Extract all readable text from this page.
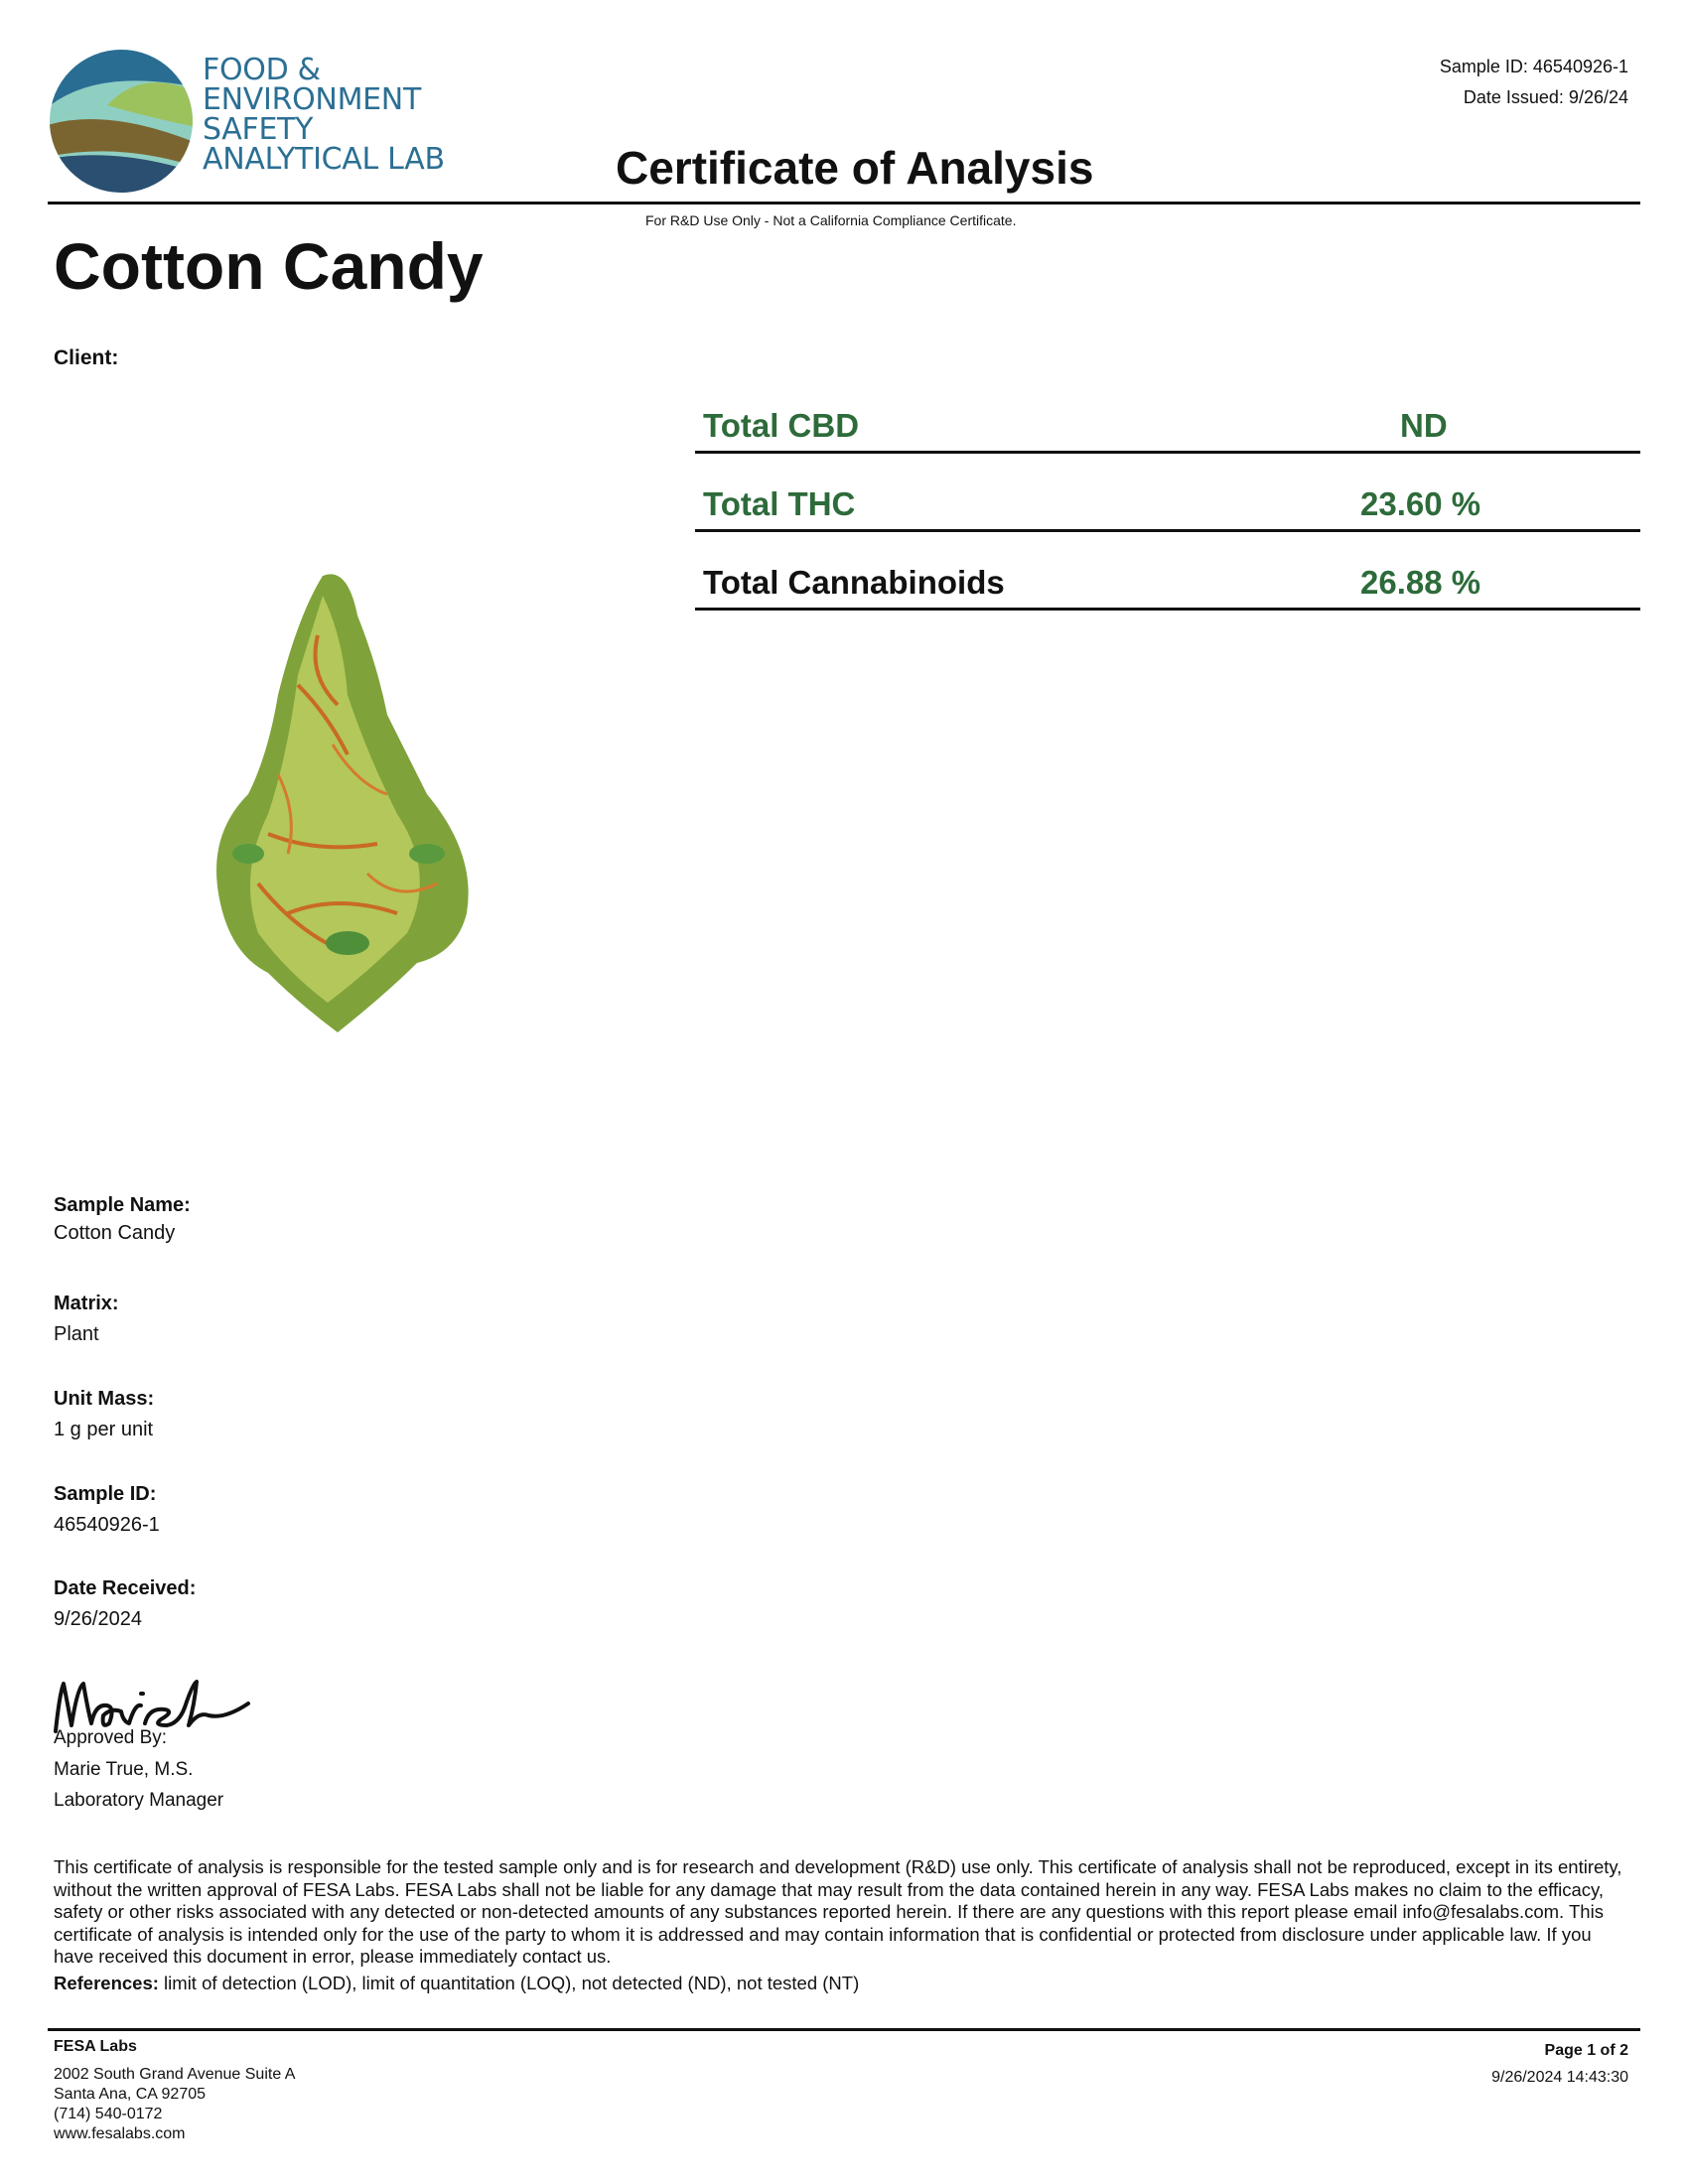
FOOD &
ENVIRONMENT
SAFETY
ANALYTICAL LAB
Sample ID: 46540926-1
Date Issued: 9/26/24
Certificate of Analysis
For R&D Use Only - Not a California Compliance Certificate.
Cotton Candy
Client:
Total CBD	ND
Total THC	23.60 %
Total Cannabinoids	26.88 %
Sample Name:
Cotton Candy
Matrix:
Plant
Unit Mass:
1 g per unit
Sample ID:
46540926-1
Date Received:
9/26/2024
Approved By:
Marie True, M.S.
Laboratory Manager
This certificate of analysis is responsible for the tested sample only and is for research and development (R&D) use only. This certificate of analysis shall not be reproduced, except in its entirety, without the written approval of FESA Labs. FESA Labs shall not be liable for any damage that may result from the data contained herein in any way. FESA Labs makes no claim to the efficacy, safety or other risks associated with any detected or non-detected amounts of any substances reported herein. If there are any questions with this report please email info@fesalabs.com. This certificate of analysis is intended only for the use of the party to whom it is addressed and may contain information that is confidential or protected from disclosure under applicable law. If you have received this document in error, please immediately contact us.
References: limit of detection (LOD), limit of quantitation (LOQ), not detected (ND), not tested (NT)
FESA Labs
2002 South Grand Avenue Suite A
Santa Ana, CA 92705
(714) 540-0172
www.fesalabs.com
Page 1 of 2
9/26/2024 14:43:30
